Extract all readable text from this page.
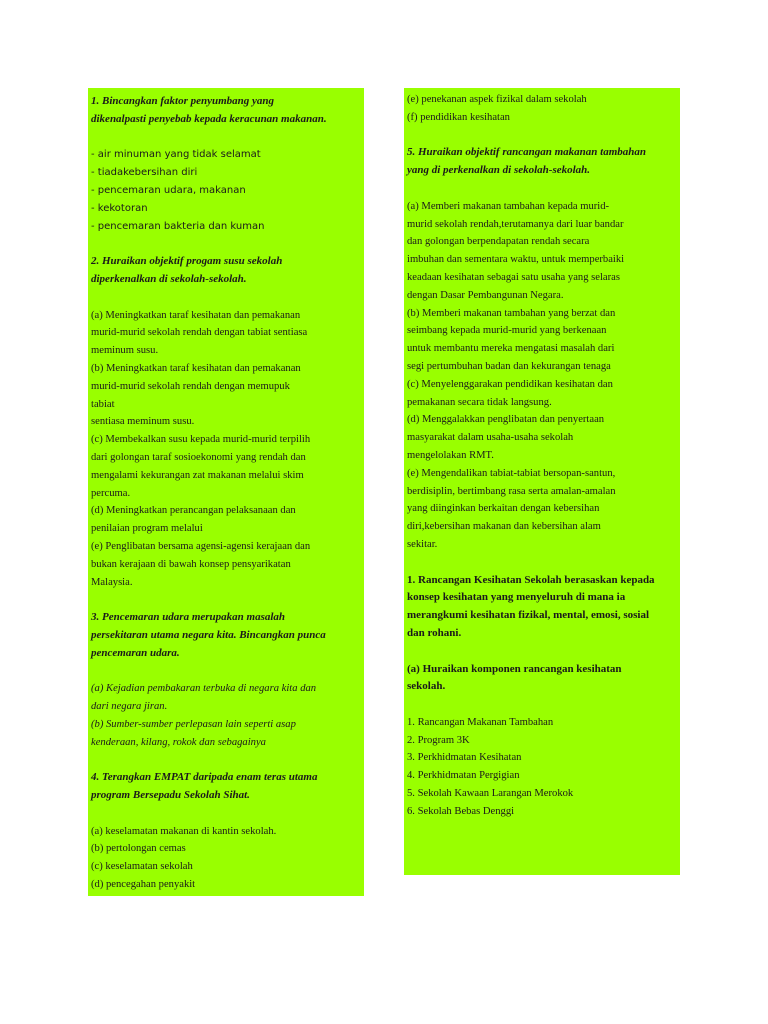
1. Bincangkan faktor penyumbang yang
dikenalpasti penyebab kepada keracunan makanan.
- air minuman yang tidak selamat
- tiadakebersihan diri
- pencemaran udara, makanan
- kekotoran
- pencemaran bakteria dan kuman
2. Huraikan objektif progam susu sekolah
diperkenalkan di sekolah-sekolah.
(a) Meningkatkan taraf kesihatan dan pemakanan
murid-murid sekolah rendah dengan tabiat sentiasa
meminum susu.
(b) Meningkatkan taraf kesihatan dan pemakanan
murid-murid sekolah rendah dengan memupuk
tabiat
sentiasa meminum susu.
(c) Membekalkan susu kepada murid-murid terpilih
dari golongan taraf sosioekonomi yang rendah dan
mengalami kekurangan zat makanan melalui skim
percuma.
(d) Meningkatkan perancangan pelaksanaan dan
penilaian program melalui
(e) Penglibatan bersama agensi-agensi kerajaan dan
bukan kerajaan di bawah konsep pensyarikatan
Malaysia.
3. Pencemaran udara merupakan masalah
persekitaran utama negara kita. Bincangkan punca
pencemaran udara.
(a) Kejadian pembakaran terbuka di negara kita dan
dari negara jiran.
(b) Sumber-sumber perlepasan lain seperti asap
kenderaan, kilang, rokok dan sebagainya
4. Terangkan EMPAT daripada enam teras utama
program Bersepadu Sekolah Sihat.
(a) keselamatan makanan di kantin sekolah.
(b) pertolongan cemas
(c) keselamatan sekolah
(d) pencegahan penyakit
(e) penekanan aspek fizikal dalam sekolah
(f) pendidikan kesihatan
5. Huraikan objektif rancangan makanan tambahan
yang di perkenalkan di sekolah-sekolah.
(a) Memberi makanan tambahan kepada murid-
murid sekolah rendah,terutamanya dari luar bandar
dan golongan berpendapatan rendah secara
imbuhan dan sementara waktu, untuk memperbaiki
keadaan kesihatan sebagai satu usaha yang selaras
dengan Dasar Pembangunan Negara.
(b) Memberi makanan tambahan yang berzat dan
seimbang kepada murid-murid yang berkenaan
untuk membantu mereka mengatasi masalah dari
segi pertumbuhan badan dan kekurangan tenaga
(c) Menyelenggarakan pendidikan kesihatan dan
pemakanan secara tidak langsung.
(d) Menggalakkan penglibatan dan penyertaan
masyarakat dalam usaha-usaha sekolah
mengelolakan RMT.
(e) Mengendalikan tabiat-tabiat bersopan-santun,
berdisiplin, bertimbang rasa serta amalan-amalan
yang diinginkan berkaitan dengan kebersihan
diri,kebersihan makanan dan kebersihan alam
sekitar.
1. Rancangan Kesihatan Sekolah berasaskan kepada
konsep kesihatan yang menyeluruh di mana ia
merangkumi kesihatan fizikal, mental, emosi, sosial
dan rohani.
(a) Huraikan komponen rancangan kesihatan
sekolah.
1. Rancangan Makanan Tambahan
2. Program 3K
3. Perkhidmatan Kesihatan
4. Perkhidmatan Pergigian
5. Sekolah Kawaan Larangan Merokok
6. Sekolah Bebas Denggi
